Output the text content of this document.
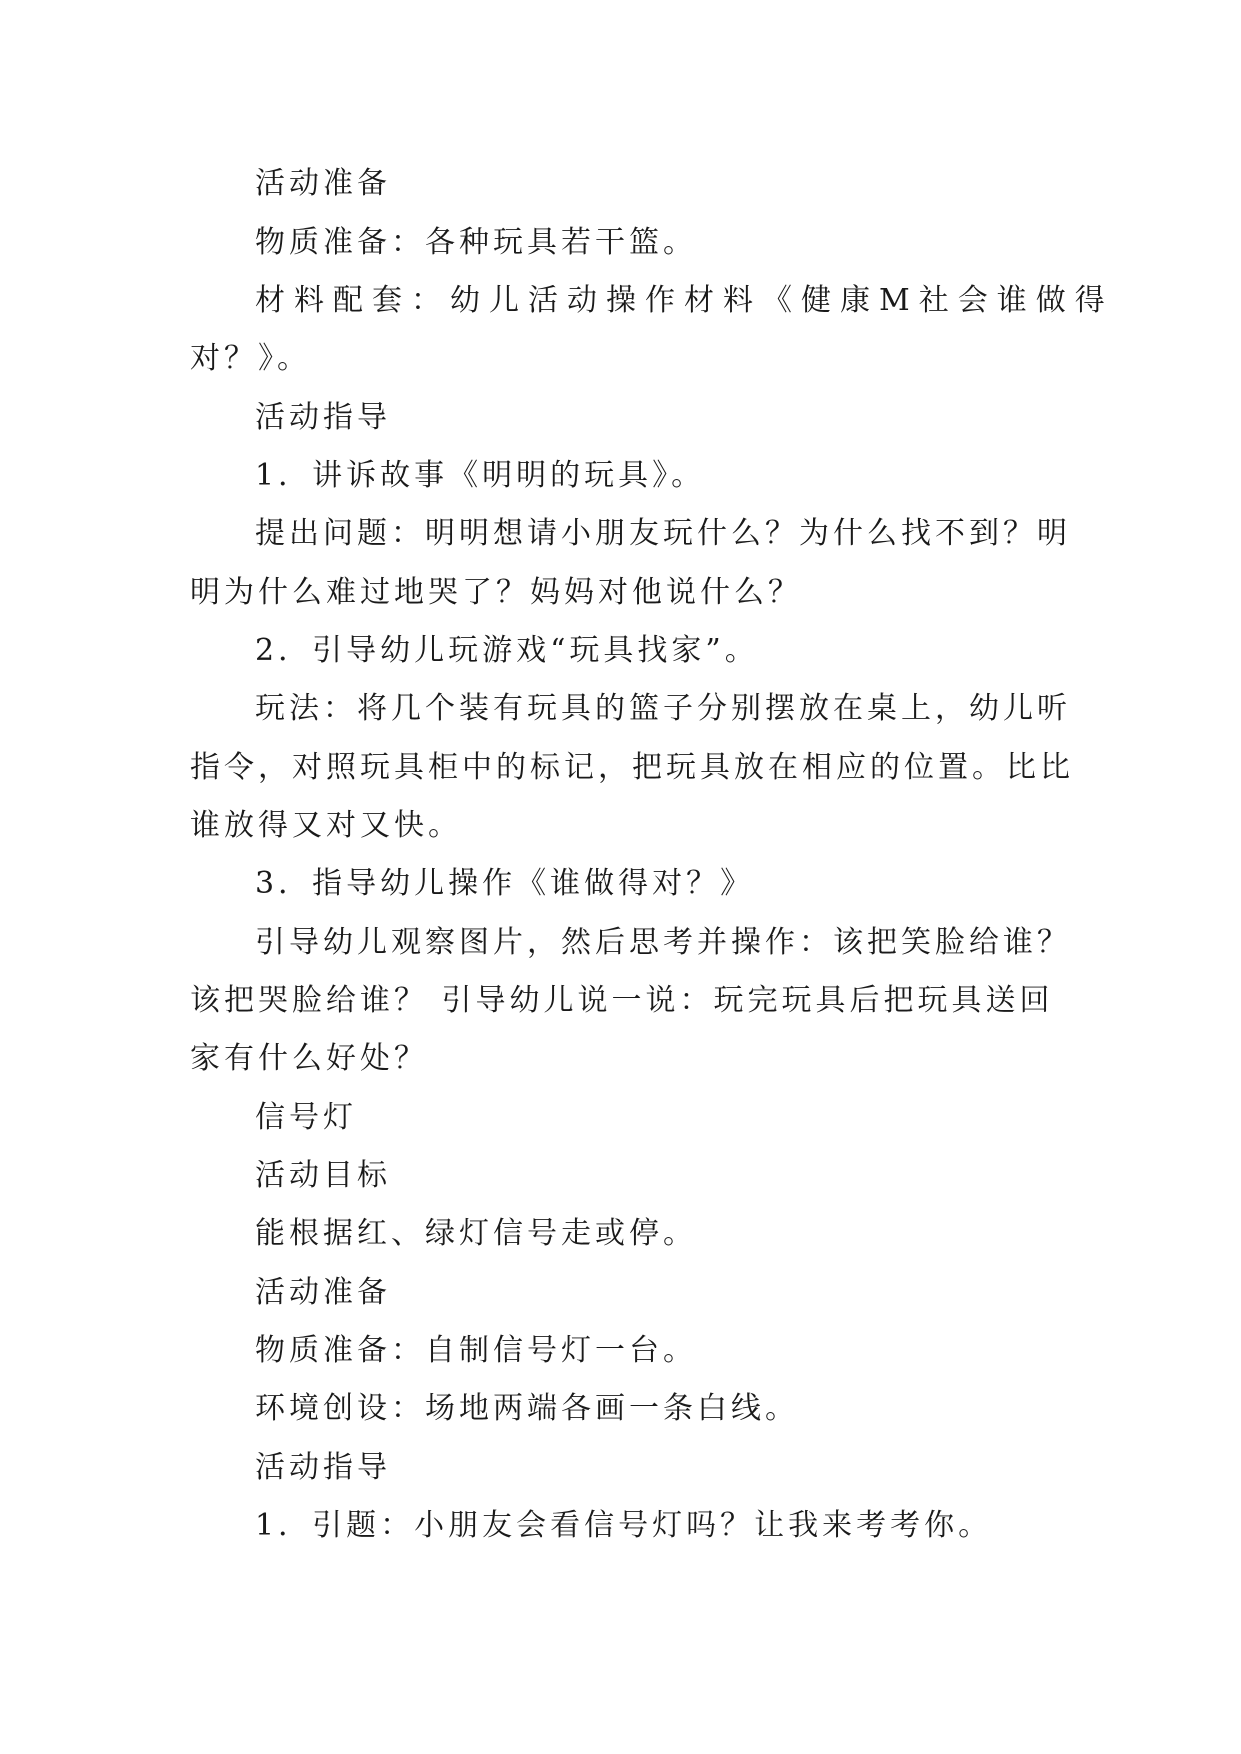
活动准备
物质准备：各种玩具若干篮。
材料配套：幼儿活动操作材料《健康M社会谁做得
对？》。
活动指导
1．讲诉故事《明明的玩具》。
提出问题：明明想请小朋友玩什么？为什么找不到？明
明为什么难过地哭了？妈妈对他说什么？
2．引导幼儿玩游戏“玩具找家”。
玩法：将几个装有玩具的篮子分别摆放在桌上，幼儿听
指令，对照玩具柜中的标记，把玩具放在相应的位置。比比
谁放得又对又快。
3．指导幼儿操作《谁做得对？》
引导幼儿观察图片，然后思考并操作：该把笑脸给谁？
该把哭脸给谁？ 引导幼儿说一说：玩完玩具后把玩具送回
家有什么好处？
信号灯
活动目标
能根据红、绿灯信号走或停。
活动准备
物质准备：自制信号灯一台。
环境创设：场地两端各画一条白线。
活动指导
1．引题：小朋友会看信号灯吗？让我来考考你。
